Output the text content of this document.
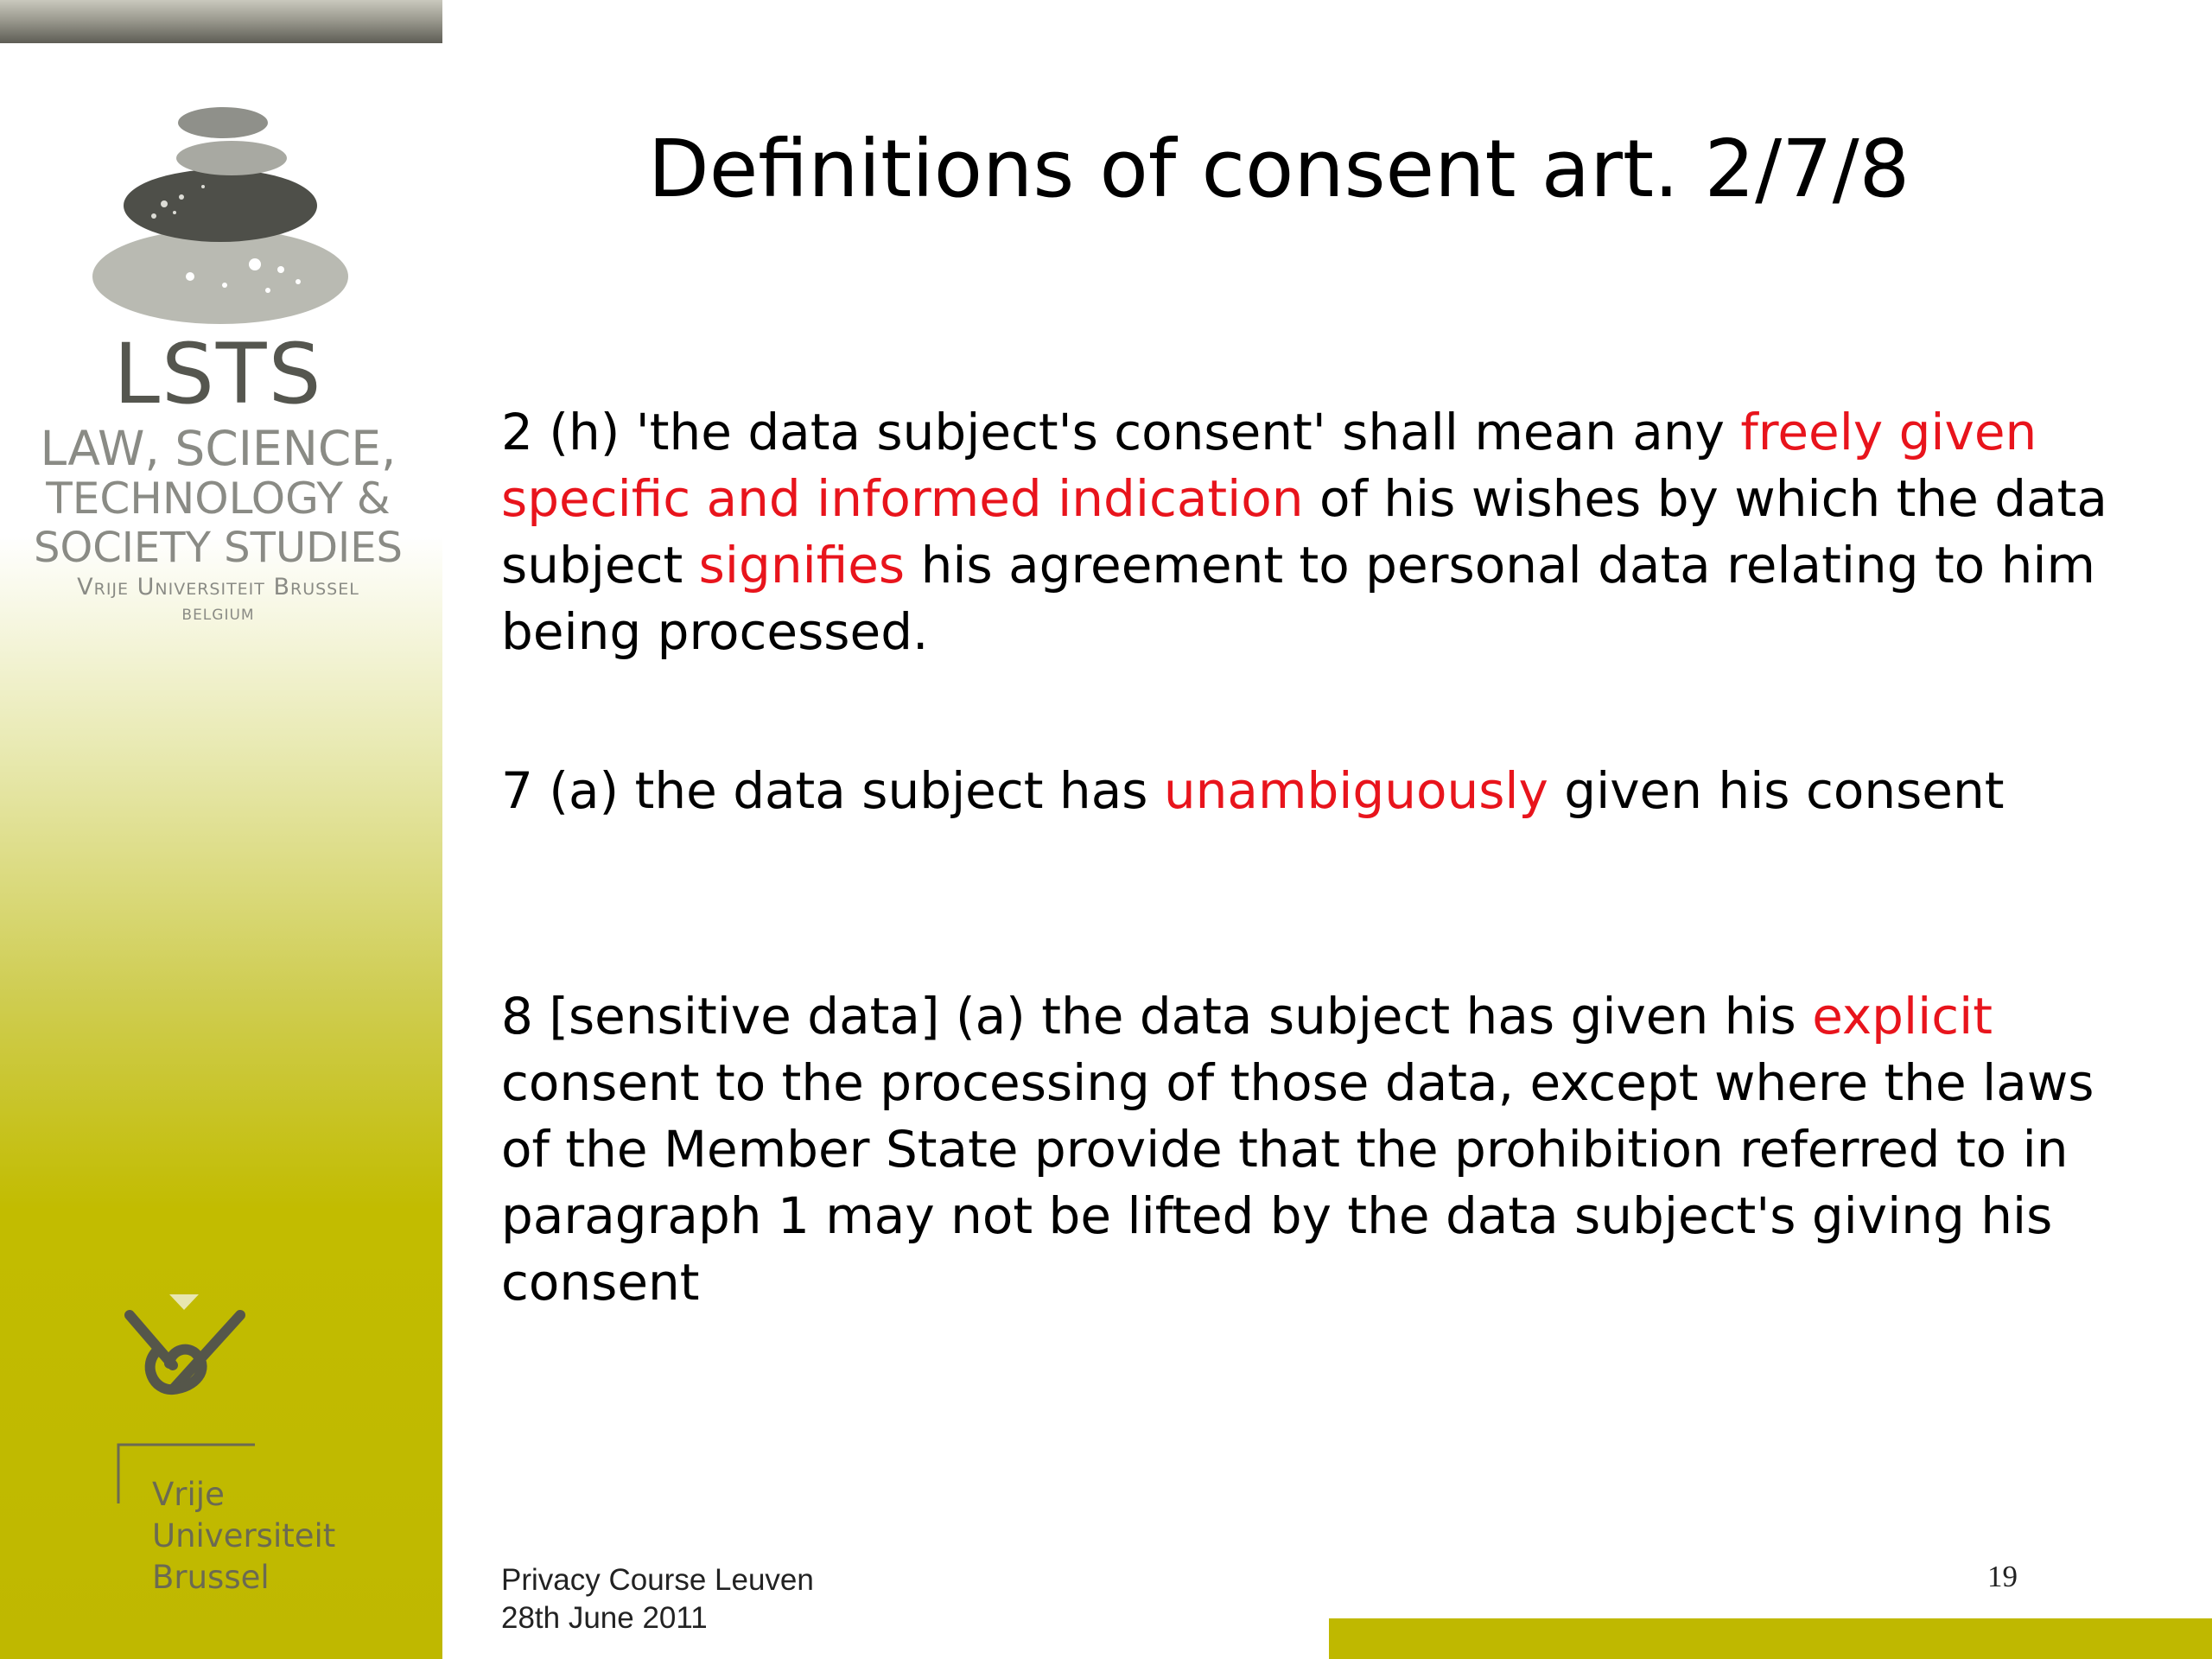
LSTS
LAW, SCIENCE,
TECHNOLOGY &
SOCIETY STUDIES
Vrije Universiteit Brussel
BELGIUM
Vrije
Universiteit
Brussel
Definitions of consent art. 2/7/8
2 (h) 'the data subject's consent' shall mean any freely given specific and informed indication of his wishes by which the data subject signifies his agreement to personal data relating to him being processed.
7 (a) the data subject has unambiguously given his consent
8 [sensitive data] (a) the data subject has given his explicit consent to the processing of those data, except where the laws of the Member State provide that the prohibition referred to in paragraph 1 may not be lifted by the data subject's giving his consent
Privacy Course Leuven
28th June 2011
19
